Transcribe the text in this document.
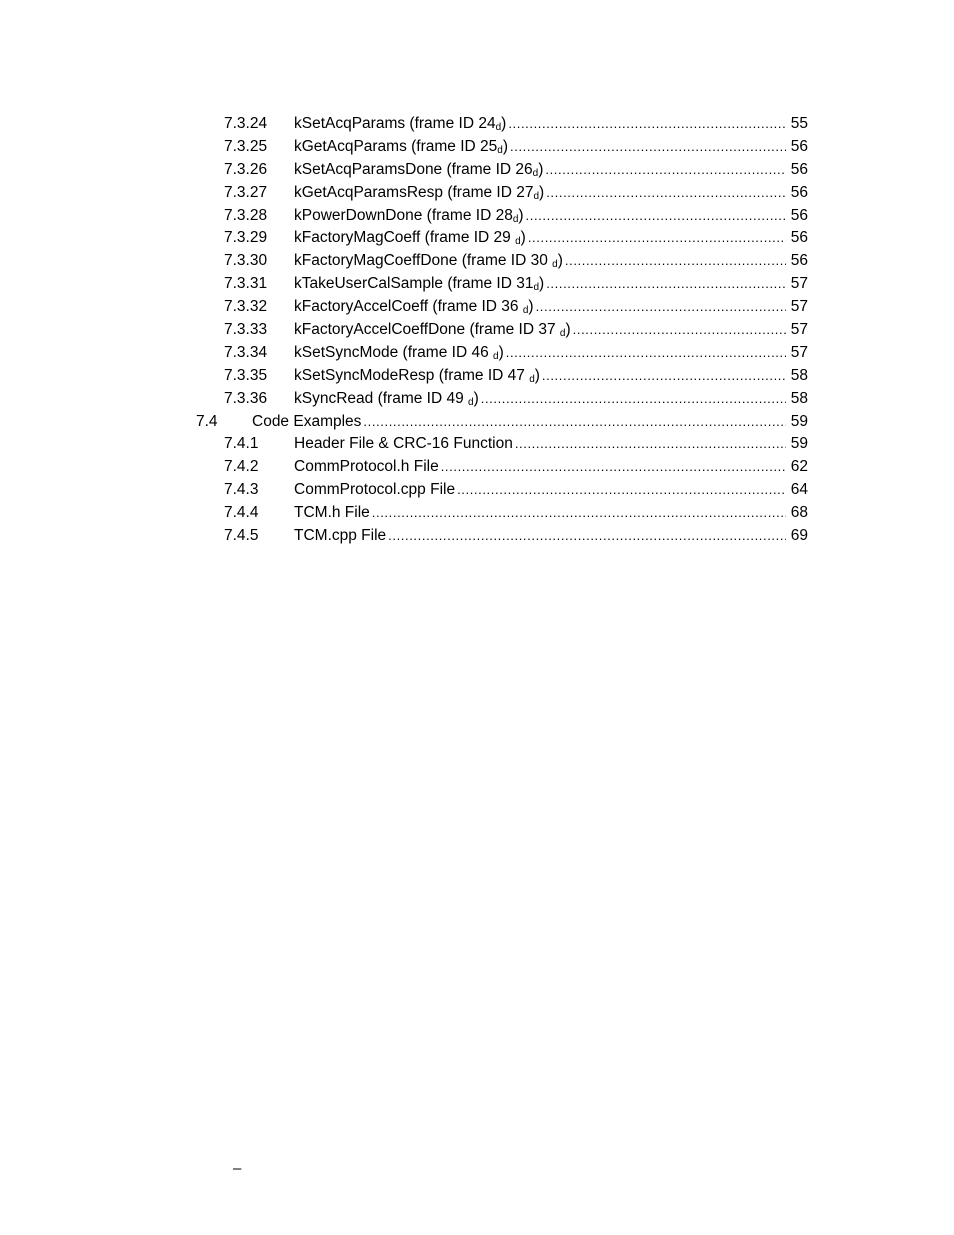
7.3.24 kSetAcqParams (frame ID $24_d$) .....	55
7.3.25 kGetAcqParams (frame ID $25_d$) .....	56
7.3.26 kSetAcqParamsDone (frame ID $26_d$) .....	56
7.3.27 kGetAcqParamsResp (frame ID $27_d$) .....	56
7.3.28 kPowerDownDone (frame ID $28_d$) .....	56
7.3.29 kFactoryMagCoeff (frame ID 29 $_d$) .....	56
7.3.30 kFactoryMagCoeffDone (frame ID 30 $_d$) .....	56
7.3.31 kTakeUserCalSample (frame ID $31_d$) .....	57
7.3.32 kFactoryAccelCoeff (frame ID 36 $_d$) .....	57
7.3.33 kFactoryAccelCoeffDone (frame ID 37 $_d$) .....	57
7.3.34 kSetSyncMode (frame ID 46 $_d$) .....	57
7.3.35 kSetSyncModeResp (frame ID 47 $_d$) .....	58
7.3.36 kSyncRead (frame ID 49 $_d$) .....	58
7.4 Code Examples .....	59
7.4.1 Header File & CRC-16 Function .....	59
7.4.2 CommProtocol.h File .....	62
7.4.3 CommProtocol.cpp File .....	64
7.4.4 TCM.h File .....	68
7.4.5 TCM.cpp File .....	69
–
